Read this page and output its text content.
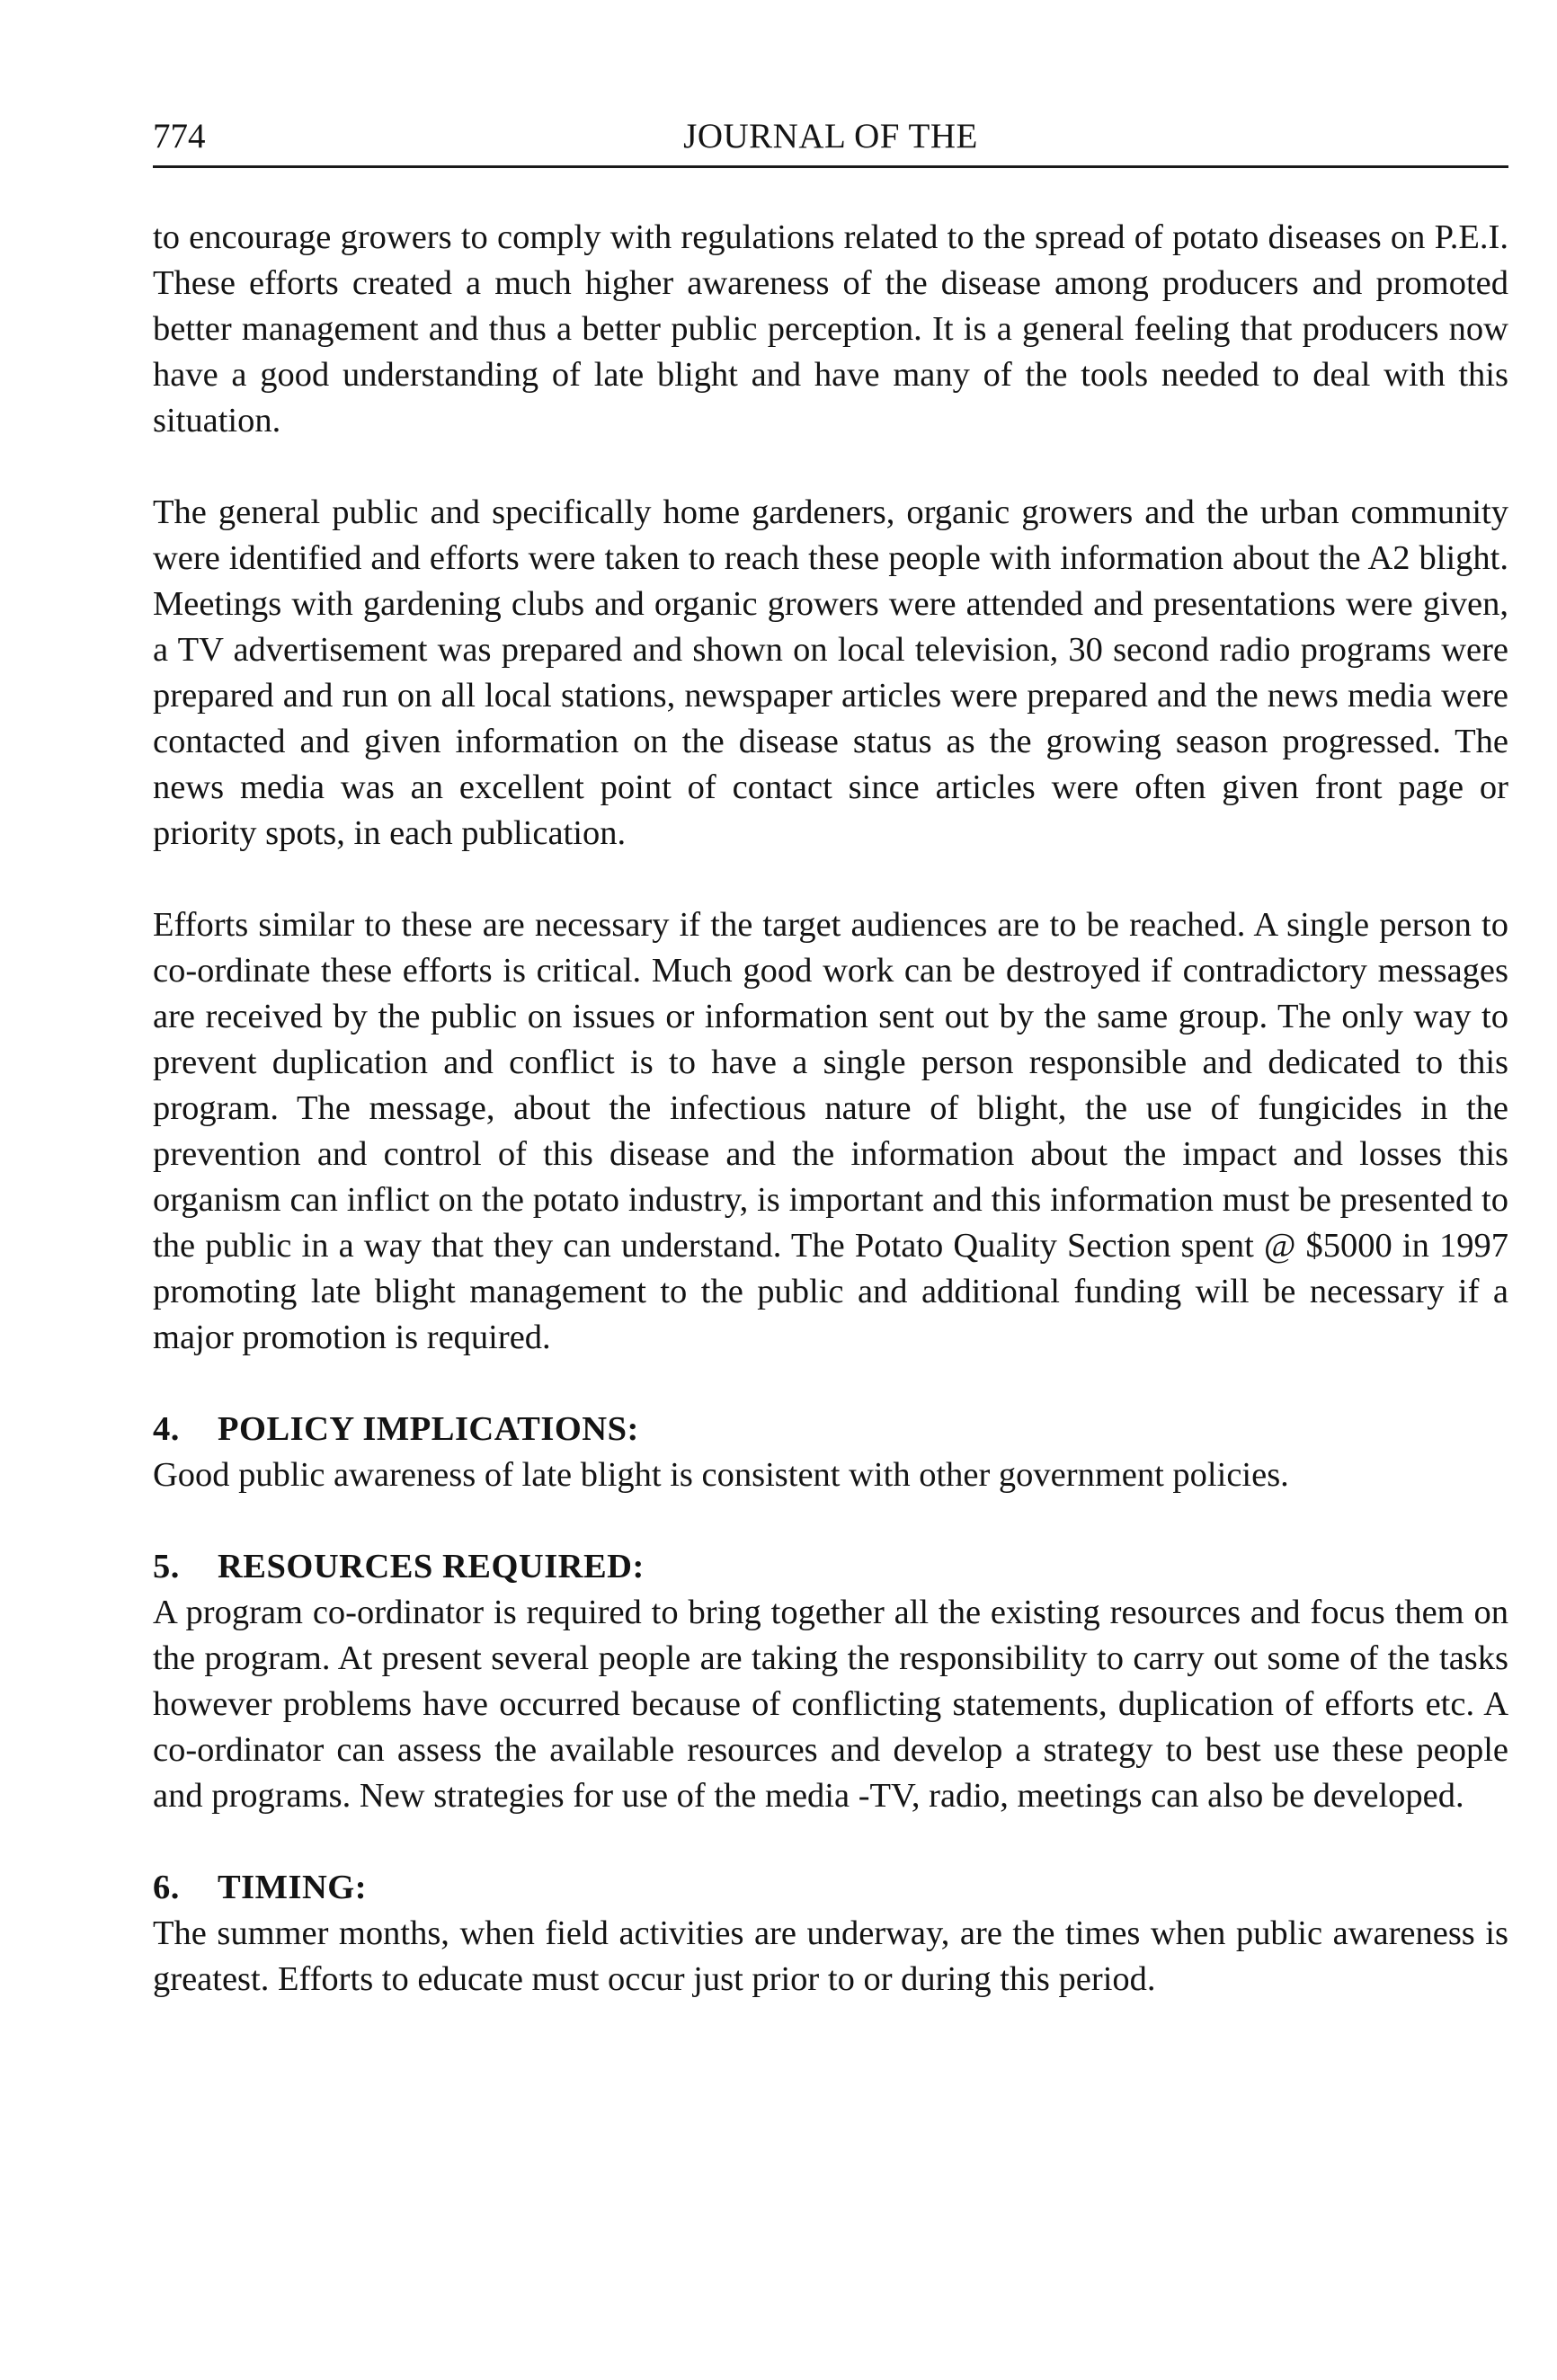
774	JOURNAL OF THE

to encourage growers to comply with regulations related to the spread of potato diseases on P.E.I. These efforts created a much higher awareness of the disease among producers and promoted better management and thus a better public perception. It is a general feeling that producers now have a good understanding of late blight and have many of the tools needed to deal with this situation.

The general public and specifically home gardeners, organic growers and the urban community were identified and efforts were taken to reach these people with information about the A2 blight. Meetings with gardening clubs and organic growers were attended and presentations were given, a TV advertisement was prepared and shown on local television, 30 second radio programs were prepared and run on all local stations, newspaper articles were prepared and the news media were contacted and given information on the disease status as the growing season progressed. The news media was an excellent point of contact since articles were often given front page or priority spots, in each publication.

Efforts similar to these are necessary if the target audiences are to be reached. A single person to co-ordinate these efforts is critical. Much good work can be destroyed if contradictory messages are received by the public on issues or information sent out by the same group. The only way to prevent duplication and conflict is to have a single person responsible and dedicated to this program. The message, about the infectious nature of blight, the use of fungicides in the prevention and control of this disease and the information about the impact and losses this organism can inflict on the potato industry, is important and this information must be presented to the public in a way that they can understand. The Potato Quality Section spent @ $5000 in 1997 promoting late blight management to the public and additional funding will be necessary if a major promotion is required.

4. POLICY IMPLICATIONS:

Good public awareness of late blight is consistent with other government policies.

5. RESOURCES REQUIRED:

A program co-ordinator is required to bring together all the existing resources and focus them on the program. At present several people are taking the responsibility to carry out some of the tasks however problems have occurred because of conflicting statements, duplication of efforts etc. A co-ordinator can assess the available resources and develop a strategy to best use these people and programs. New strategies for use of the media -TV, radio, meetings can also be developed.

6. TIMING:

The summer months, when field activities are underway, are the times when public awareness is greatest. Efforts to educate must occur just prior to or during this period.
